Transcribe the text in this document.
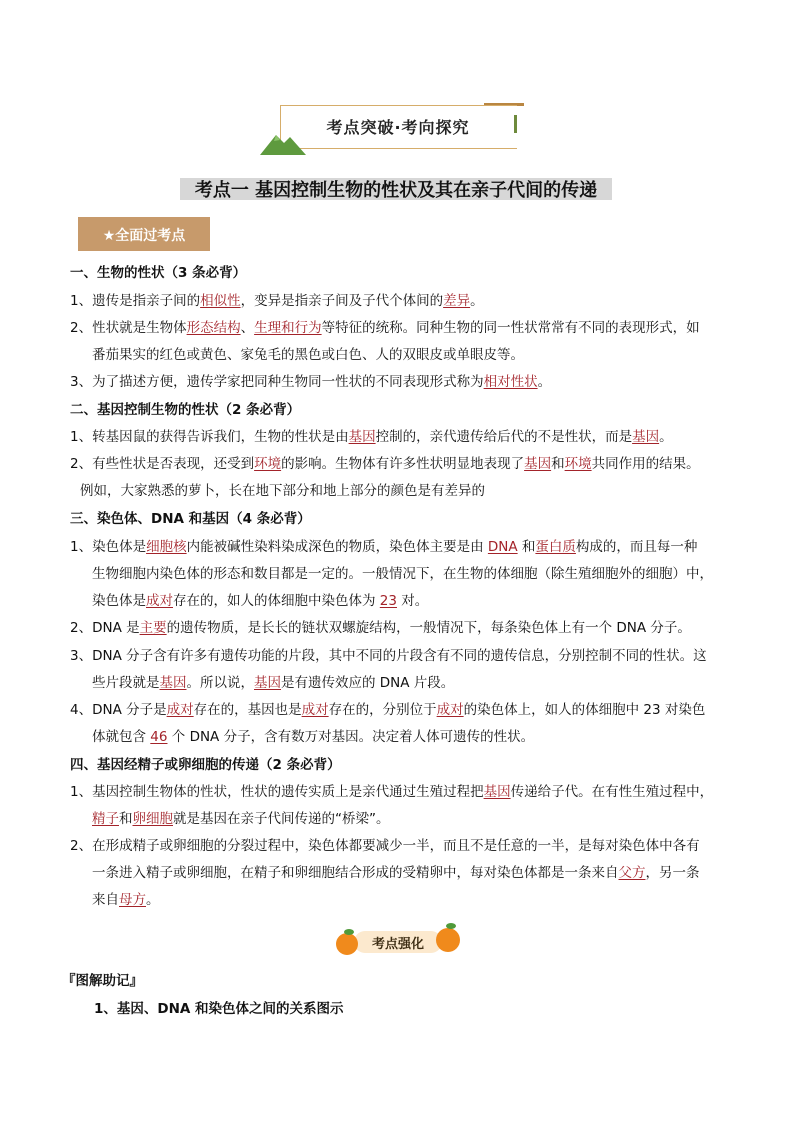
考点突破·考向探究
考点一 基因控制生物的性状及其在亲子代间的传递
★全面过考点
一、生物的性状（3 条必背）
1、遗传是指亲子间的相似性，变异是指亲子间及子代个体间的差异。
2、性状就是生物体形态结构、生理和行为等特征的统称。同种生物的同一性状常常有不同的表现形式，如
番茄果实的红色或黄色、家兔毛的黑色或白色、人的双眼皮或单眼皮等。
3、为了描述方便，遗传学家把同种生物同一性状的不同表现形式称为相对性状。
二、基因控制生物的性状（2 条必背）
1、转基因鼠的获得告诉我们，生物的性状是由基因控制的，亲代遗传给后代的不是性状，而是基因。
2、有些性状是否表现，还受到环境的影响。生物体有许多性状明显地表现了基因和环境共同作用的结果。
例如，大家熟悉的萝卜，长在地下部分和地上部分的颜色是有差异的
三、染色体、DNA 和基因（4 条必背）
1、染色体是细胞核内能被碱性染料染成深色的物质，染色体主要是由 DNA 和蛋白质构成的，而且每一种
生物细胞内染色体的形态和数目都是一定的。一般情况下，在生物的体细胞（除生殖细胞外的细胞）中，
染色体是成对存在的，如人的体细胞中染色体为 23 对。
2、DNA 是主要的遗传物质，是长长的链状双螺旋结构，一般情况下，每条染色体上有一个 DNA 分子。
3、DNA 分子含有许多有遗传功能的片段，其中不同的片段含有不同的遗传信息，分别控制不同的性状。这
些片段就是基因。所以说，基因是有遗传效应的 DNA 片段。
4、DNA 分子是成对存在的，基因也是成对存在的，分别位于成对的染色体上，如人的体细胞中 23 对染色
体就包含 46 个 DNA 分子，含有数万对基因。决定着人体可遗传的性状。
四、基因经精子或卵细胞的传递（2 条必背）
1、基因控制生物体的性状，性状的遗传实质上是亲代通过生殖过程把基因传递给子代。在有性生殖过程中，
精子和卵细胞就是基因在亲子代间传递的“桥梁”。
2、在形成精子或卵细胞的分裂过程中，染色体都要减少一半，而且不是任意的一半，是每对染色体中各有
一条进入精子或卵细胞，在精子和卵细胞结合形成的受精卵中，每对染色体都是一条来自父方，另一条
来自母方。
考点强化
『图解助记』
1、基因、DNA 和染色体之间的关系图示
